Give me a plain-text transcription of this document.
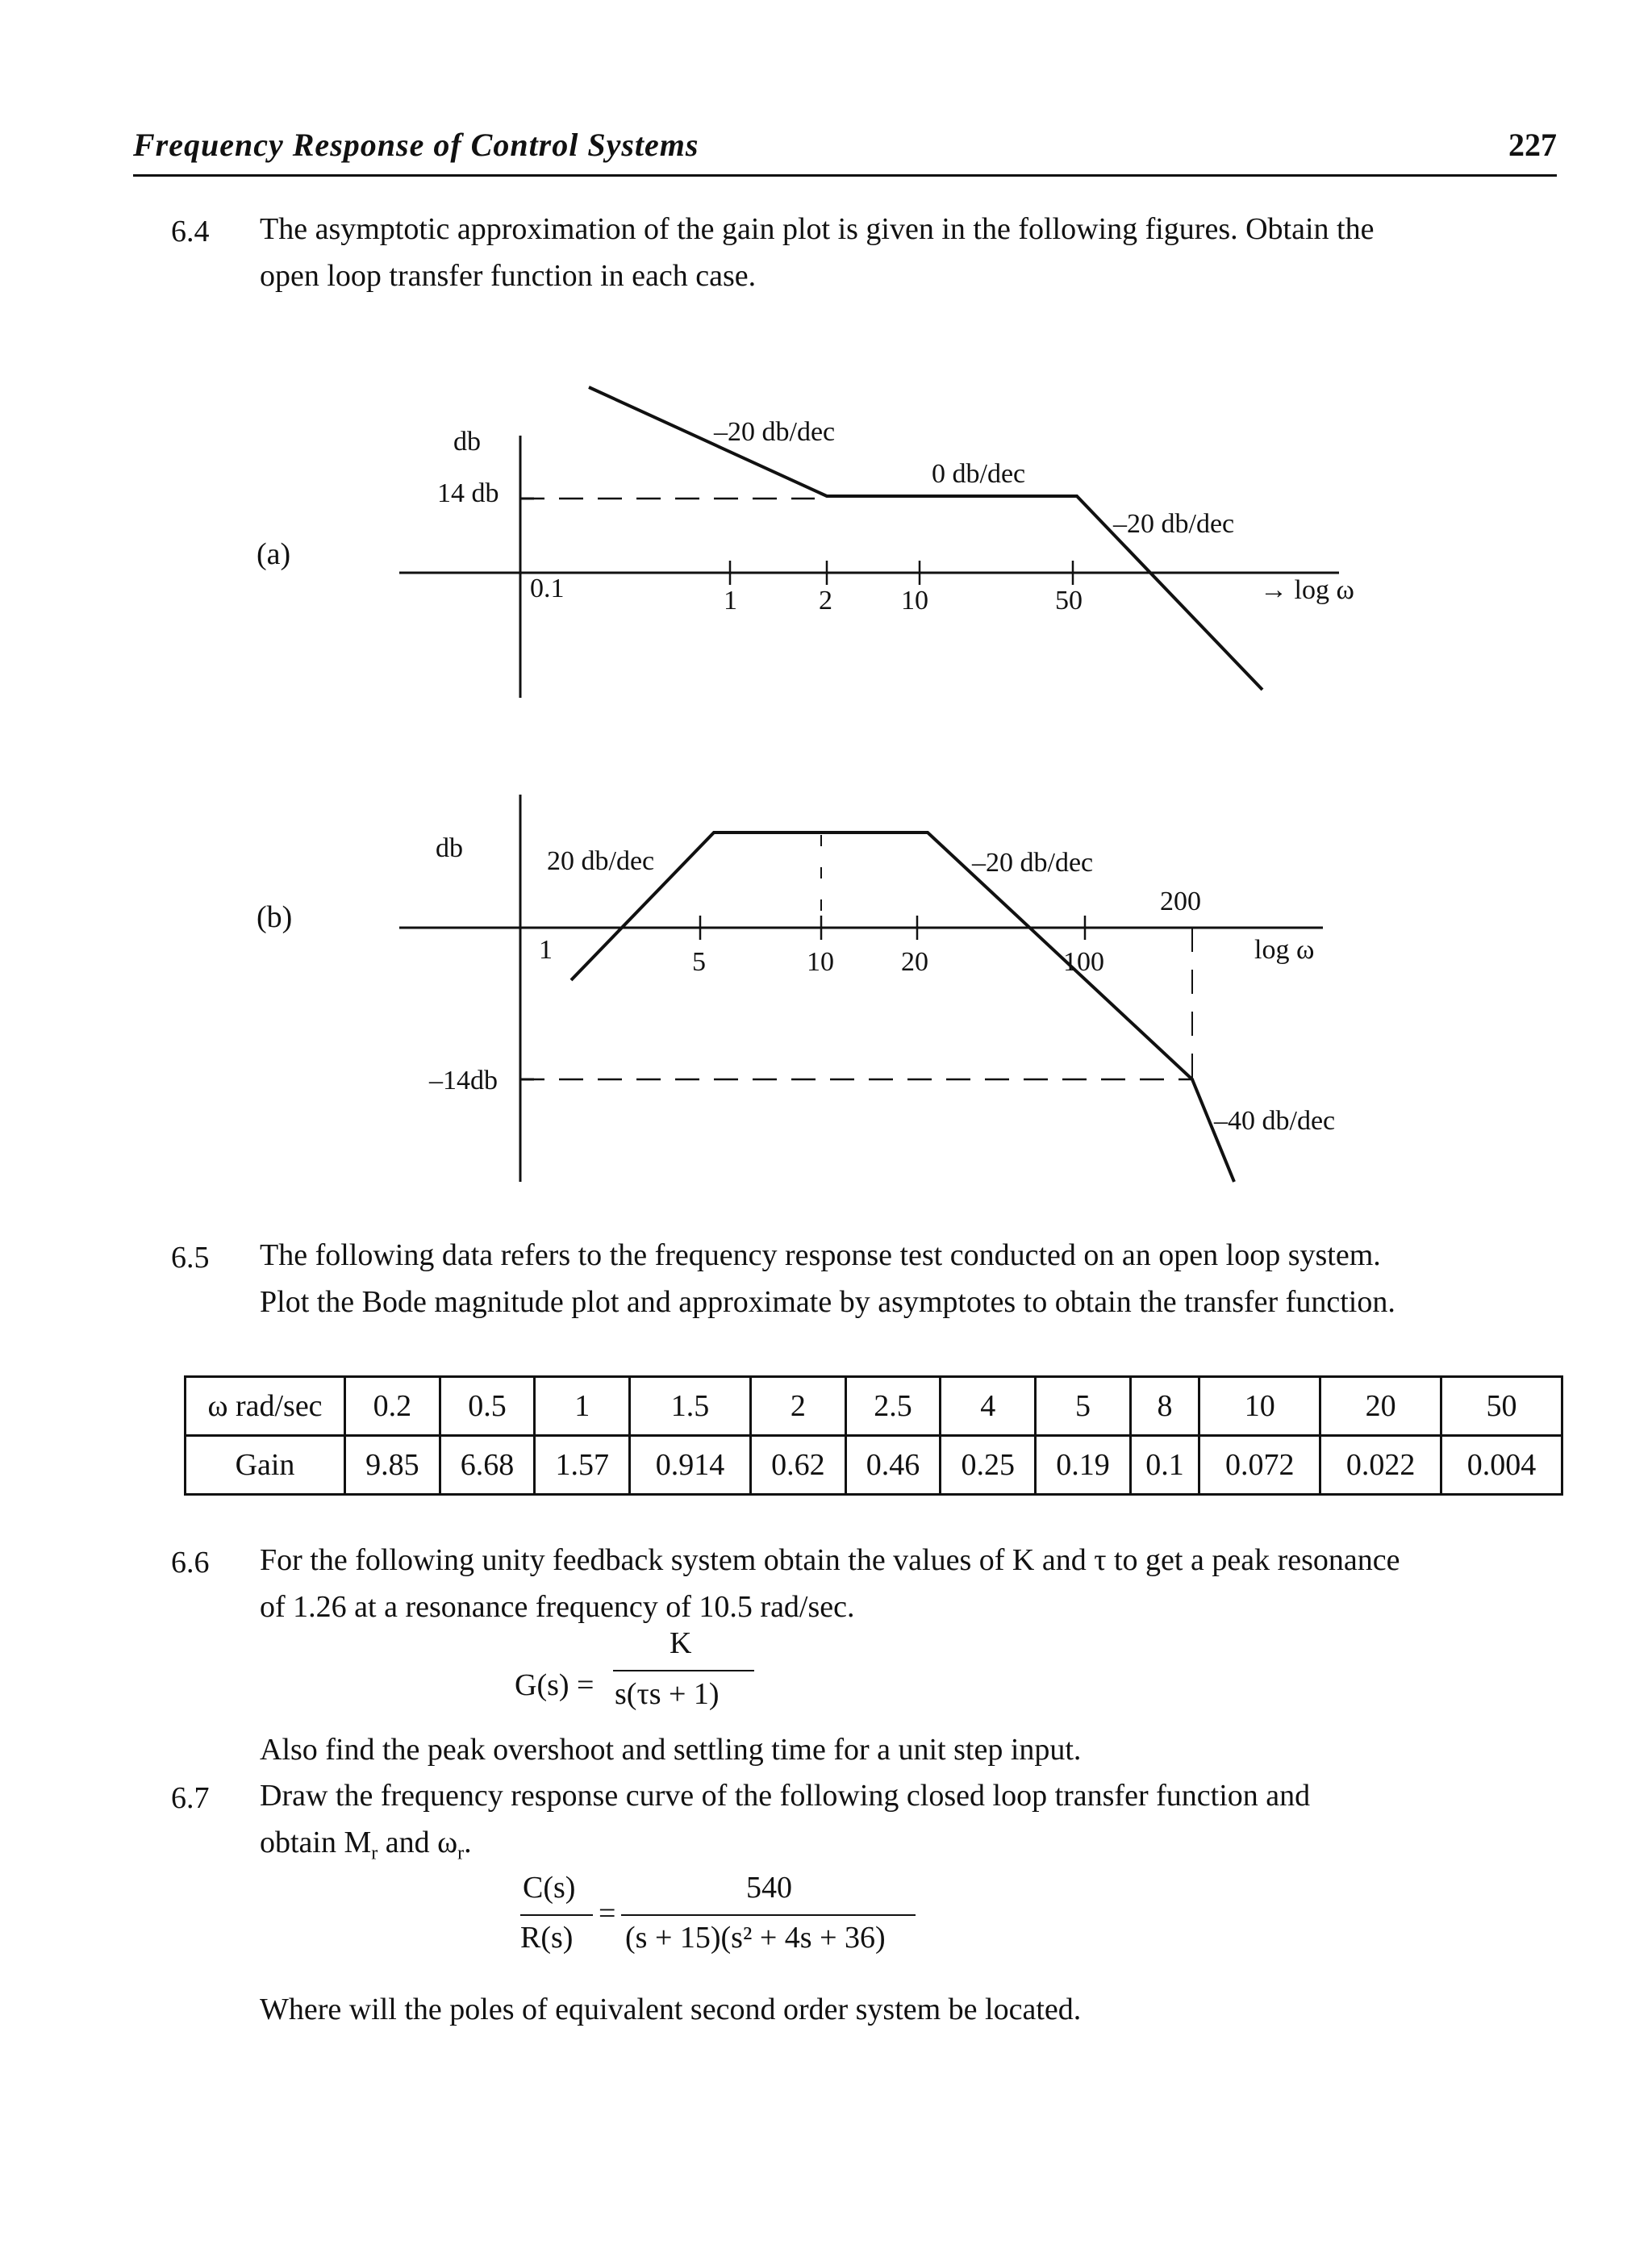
Frequency Response of Control Systems	227
6.4 The asymptotic approximation of the gain plot is given in the following figures. Obtain the
open loop transfer function in each case.
(a)
db
14 db
–20 db/dec
0 db/dec
–20 db/dec
0.1	1	2	10	50	→ log ω
db
–14db
20 db/dec	–20 db/dec
–40 db/dec
1	5	10 20	100
200
log ω
(b)
6.5 The following data refers to the frequency response test conducted on an open loop system.
Plot the Bode magnitude plot and approximate by asymptotes to obtain the transfer function.
ω rad/sec	0.2	0.5	1	1.5	2	2.5	4	5	8	10	20	50
Gain	9.85	6.68	1.57	0.914	0.62	0.46	0.25	0.19	0.1	0.072	0.022	0.004
6.6 For the following unity feedback system obtain the values of K and τ to get a peak resonance
of 1.26 at a resonance frequency of 10.5 rad/sec.
G(s) =
K
s(τs + 1)
Also find the peak overshoot and settling time for a unit step input.
6.7 Draw the frequency response curve of the following closed loop transfer function and
obtain $M_r$ and $\omega_r$.
C(s)
R(s)
=
540
(s + 15)(s² + 4s + 36)
Where will the poles of equivalent second order system be located.
